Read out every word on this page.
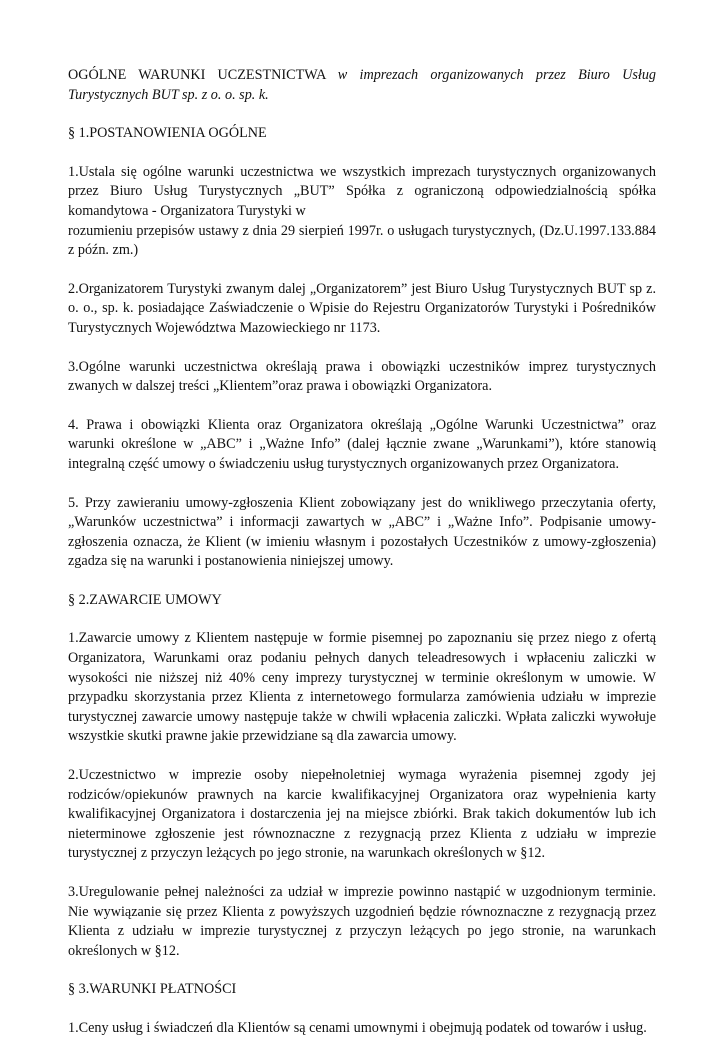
OGÓLNE WARUNKI UCZESTNICTWA w imprezach organizowanych przez Biuro Usług Turystycznych BUT sp. z o. o. sp. k.

§ 1.POSTANOWIENIA OGÓLNE
1.Ustala się ogólne warunki uczestnictwa we wszystkich imprezach turystycznych organizowanych przez Biuro Usług Turystycznych „BUT” Spółka z ograniczoną odpowiedzialnością spółka komandytowa - Organizatora Turystyki w
rozumieniu przepisów ustawy z dnia 29 sierpień 1997r. o usługach turystycznych, (Dz.U.1997.133.884 z późn. zm.)

2.Organizatorem Turystyki zwanym dalej „Organizatorem” jest Biuro Usług Turystycznych BUT sp z. o. o., sp. k. posiadające Zaświadczenie o Wpisie do Rejestru Organizatorów Turystyki i Pośredników Turystycznych Województwa Mazowieckiego nr 1173.

3.Ogólne warunki uczestnictwa określają prawa i obowiązki uczestników imprez turystycznych zwanych w dalszej treści „Klientem”oraz prawa i obowiązki Organizatora.

4. Prawa i obowiązki Klienta oraz Organizatora określają „Ogólne Warunki Uczestnictwa” oraz warunki określone w „ABC” i „Ważne Info” (dalej łącznie zwane „Warunkami”), które stanowią integralną część umowy o świadczeniu usług turystycznych organizowanych przez Organizatora.

5. Przy zawieraniu umowy-zgłoszenia Klient zobowiązany jest do wnikliwego przeczytania oferty, „Warunków uczestnictwa” i informacji zawartych w „ABC” i „Ważne Info”. Podpisanie umowy-zgłoszenia oznacza, że Klient (w imieniu własnym i pozostałych Uczestników z umowy-zgłoszenia) zgadza się na warunki i postanowienia niniejszej umowy.

§ 2.ZAWARCIE UMOWY

1.Zawarcie umowy z Klientem następuje w formie pisemnej po zapoznaniu się przez niego z ofertą Organizatora, Warunkami oraz podaniu pełnych danych teleadresowych i wpłaceniu zaliczki w wysokości nie niższej niż 40% ceny imprezy turystycznej w terminie określonym w umowie. W przypadku skorzystania przez Klienta z internetowego formularza zamówienia udziału w imprezie turystycznej zawarcie umowy następuje także w chwili wpłacenia zaliczki. Wpłata zaliczki wywołuje wszystkie skutki prawne jakie przewidziane są dla zawarcia umowy.

2.Uczestnictwo w imprezie osoby niepełnoletniej wymaga wyrażenia pisemnej zgody jej rodziców/opiekunów prawnych na karcie kwalifikacyjnej Organizatora oraz wypełnienia karty kwalifikacyjnej Organizatora i dostarczenia jej na miejsce zbiórki. Brak takich dokumentów lub ich nieterminowe zgłoszenie jest równoznaczne z rezygnacją przez Klienta z udziału w imprezie turystycznej z przyczyn leżących po jego stronie, na warunkach określonych w §12.

3.Uregulowanie pełnej należności za udział w imprezie powinno nastąpić w uzgodnionym terminie. Nie wywiązanie się przez Klienta z powyższych uzgodnień będzie równoznaczne z rezygnacją przez Klienta z udziału w imprezie turystycznej z przyczyn leżących po jego stronie, na warunkach określonych w §12.

§ 3.WARUNKI PŁATNOŚCI

1.Ceny usług i świadczeń dla Klientów są cenami umownymi i obejmują podatek od towarów i usług.
